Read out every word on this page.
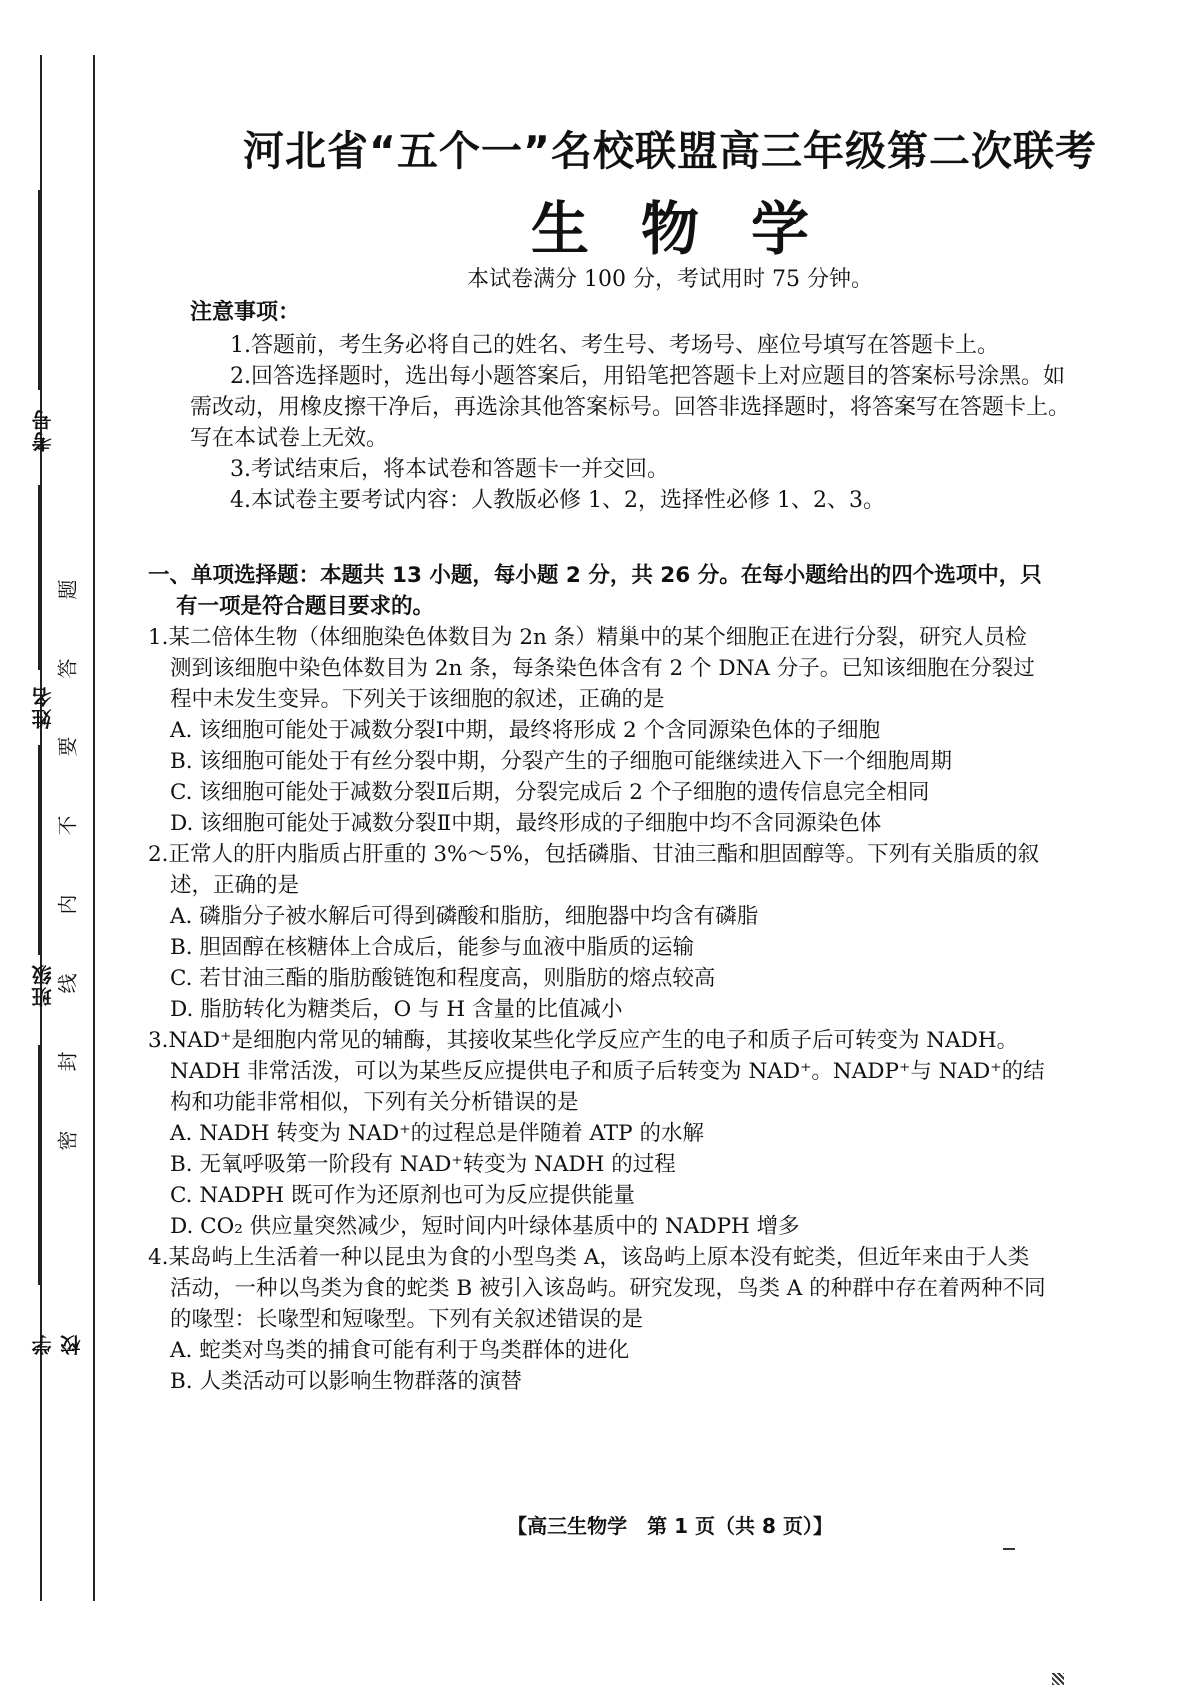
考号
姓名
班级
学校
题
答
要
不
内
线
封
密
河北省“五个一”名校联盟高三年级第二次联考
生物学
本试卷满分 100 分，考试用时 75 分钟。
注意事项：

1.答题前，考生务必将自己的姓名、考生号、考场号、座位号填写在答题卡上。

2.回答选择题时，选出每小题答案后，用铅笔把答题卡上对应题目的答案标号涂黑。如需改动，用橡皮擦干净后，再选涂其他答案标号。回答非选择题时，将答案写在答题卡上。写在本试卷上无效。

3.考试结束后，将本试卷和答题卡一并交回。

4.本试卷主要考试内容：人教版必修 1、2，选择性必修 1、2、3。

一、单项选择题：本题共 13 小题，每小题 2 分，共 26 分。在每小题给出的四个选项中，只有一项是符合题目要求的。
1.某二倍体生物（体细胞染色体数目为 2n 条）精巢中的某个细胞正在进行分裂，研究人员检测到该细胞中染色体数目为 2n 条，每条染色体含有 2 个 DNA 分子。已知该细胞在分裂过程中未发生变异。下列关于该细胞的叙述，正确的是
A. 该细胞可能处于减数分裂Ⅰ中期，最终将形成 2 个含同源染色体的子细胞
B. 该细胞可能处于有丝分裂中期，分裂产生的子细胞可能继续进入下一个细胞周期
C. 该细胞可能处于减数分裂Ⅱ后期，分裂完成后 2 个子细胞的遗传信息完全相同
D. 该细胞可能处于减数分裂Ⅱ中期，最终形成的子细胞中均不含同源染色体
2.正常人的肝内脂质占肝重的 3%～5%，包括磷脂、甘油三酯和胆固醇等。下列有关脂质的叙述，正确的是
A. 磷脂分子被水解后可得到磷酸和脂肪，细胞器中均含有磷脂
B. 胆固醇在核糖体上合成后，能参与血液中脂质的运输
C. 若甘油三酯的脂肪酸链饱和程度高，则脂肪的熔点较高
D. 脂肪转化为糖类后，O 与 H 含量的比值减小
3.NAD⁺是细胞内常见的辅酶，其接收某些化学反应产生的电子和质子后可转变为 NADH。NADH 非常活泼，可以为某些反应提供电子和质子后转变为 NAD⁺。NADP⁺与 NAD⁺的结构和功能非常相似，下列有关分析错误的是
A. NADH 转变为 NAD⁺的过程总是伴随着 ATP 的水解
B. 无氧呼吸第一阶段有 NAD⁺转变为 NADH 的过程
C. NADPH 既可作为还原剂也可为反应提供能量
D. CO₂ 供应量突然减少，短时间内叶绿体基质中的 NADPH 增多
4.某岛屿上生活着一种以昆虫为食的小型鸟类 A，该岛屿上原本没有蛇类，但近年来由于人类活动，一种以鸟类为食的蛇类 B 被引入该岛屿。研究发现，鸟类 A 的种群中存在着两种不同的喙型：长喙型和短喙型。下列有关叙述错误的是
A. 蛇类对鸟类的捕食可能有利于鸟类群体的进化
B. 人类活动可以影响生物群落的演替
【高三生物学　第 1 页（共 8 页）】
